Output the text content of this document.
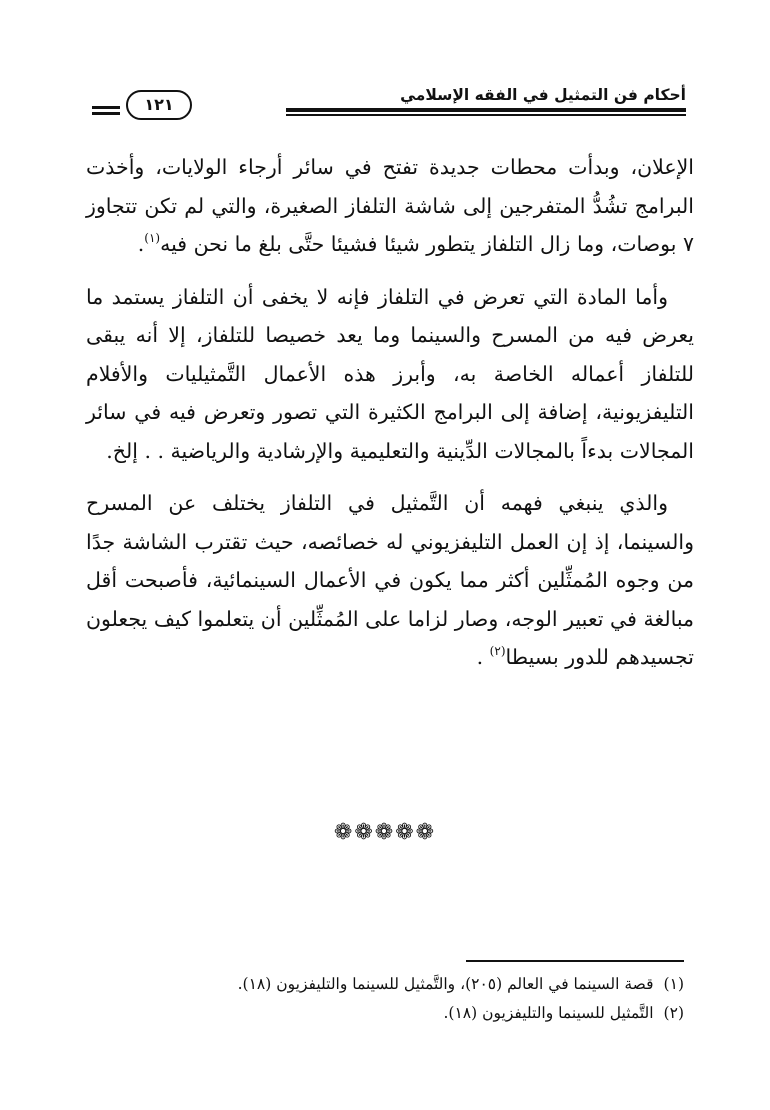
أحكام فن التمثيل في الفقه الإسلامي
١٢١

الإعلان، وبدأت محطات جديدة تفتح في سائر أرجاء الولايات، وأخذت البرامج تشُدُّ المتفرجين إلى شاشة التلفاز الصغيرة، والتي لم تكن تتجاوز ٧ بوصات، وما زال التلفاز يتطور شيئا فشيئا حتَّى بلغ ما نحن فيه$^{(١)}$.

وأما المادة التي تعرض في التلفاز فإنه لا يخفى أن التلفاز يستمد ما يعرض فيه من المسرح والسينما وما يعد خصيصا للتلفاز، إلا أنه يبقى للتلفاز أعماله الخاصة به، وأبرز هذه الأعمال التَّمثيليات والأفلام التليفزيونية، إضافة إلى البرامج الكثيرة التي تصور وتعرض فيه في سائر المجالات بدءاً بالمجالات الدِّينية والتعليمية والإرشادية والرياضية . . إلخ.

والذي ينبغي فهمه أن التَّمثيل في التلفاز يختلف عن المسرح والسينما، إذ إن العمل التليفزيوني له خصائصه، حيث تقترب الشاشة جدًا من وجوه المُمثِّلين أكثر مما يكون في الأعمال السينمائية، فأصبحت أقل مبالغة في تعبير الوجه، وصار لزاما على المُمثِّلين أن يتعلموا كيف يجعلون تجسيدهم للدور بسيطا$^{(٢)}$ .

❁❁❁❁❁
(١)قصة السينما في العالم (٢٠٥)، والتَّمثيل للسينما والتليفزيون (١٨).
(٢)التَّمثيل للسينما والتليفزيون (١٨).
